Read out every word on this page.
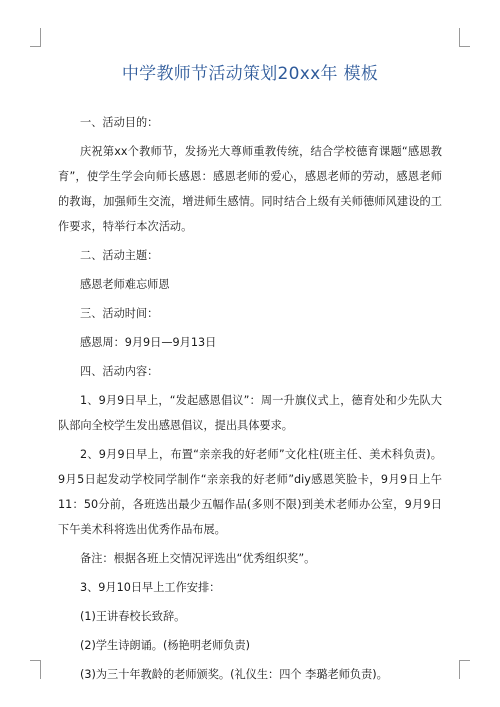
中学教师节活动策划20xx年 模板

一、活动目的：

庆祝第xx个教师节，发扬光大尊师重教传统，结合学校德育课题“感恩教育”，使学生学会向师长感恩：感恩老师的爱心，感恩老师的劳动，感恩老师的教诲，加强师生交流，增进师生感情。同时结合上级有关师德师风建设的工作要求，特举行本次活动。

二、活动主题：

感恩老师难忘师恩

三、活动时间：

感恩周：9月9日—9月13日

四、活动内容：

1、9月9日早上，“发起感恩倡议”：周一升旗仪式上，德育处和少先队大队部向全校学生发出感恩倡议，提出具体要求。

2、9月9日早上，布置“亲亲我的好老师”文化柱(班主任、美术科负责)。9月5日起发动学校同学制作“亲亲我的好老师”diy感恩笑脸卡，9月9日上午11：50分前，各班选出最少五幅作品(多则不限)到美术老师办公室，9月9日下午美术科将选出优秀作品布展。

备注：根据各班上交情况评选出“优秀组织奖”。

3、9月10日早上工作安排：

(1)王讲春校长致辞。

(2)学生诗朗诵。(杨艳明老师负责)

(3)为三十年教龄的老师颁奖。(礼仪生：四个 李璐老师负责)。
